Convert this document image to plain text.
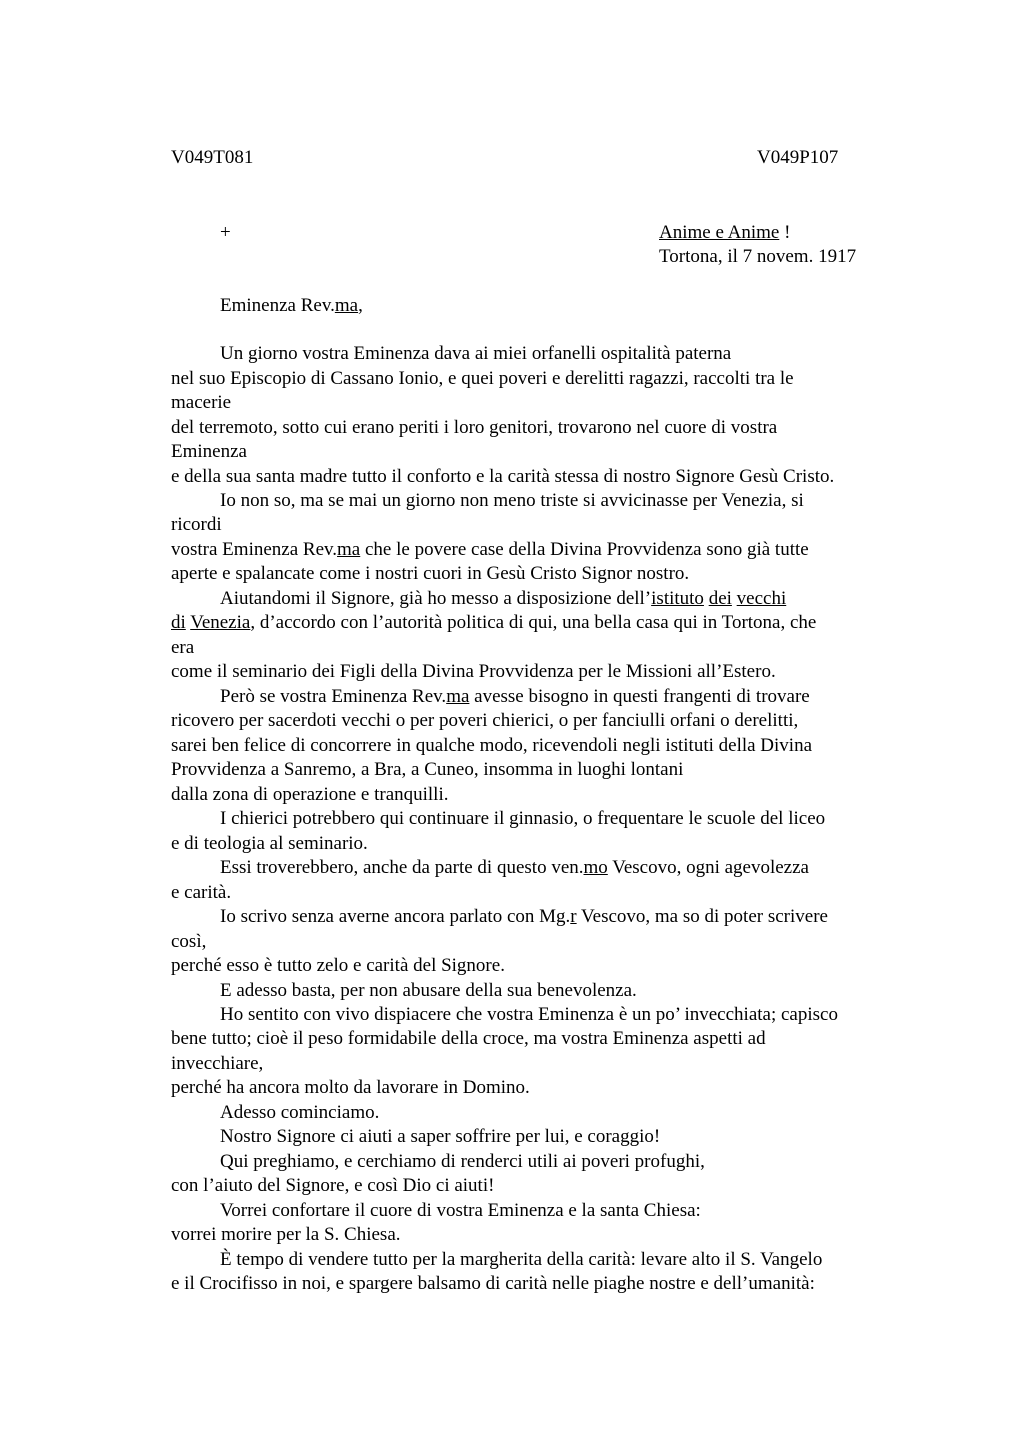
V049T081	V049P107
+	Anime e Anime !
Tortona, il 7 novem. 1917
Eminenza Rev.ma,
Un giorno vostra Eminenza dava ai miei orfanelli ospitalità paterna
nel suo Episcopio di Cassano Ionio, e quei poveri e derelitti ragazzi, raccolti tra le
macerie
del terremoto, sotto cui erano periti i loro genitori, trovarono nel cuore di vostra
Eminenza
e della sua santa madre tutto il conforto e la carità stessa di nostro Signore Gesù Cristo.
Io non so, ma se mai un giorno non meno triste si avvicinasse per Venezia, si
ricordi
vostra Eminenza Rev.ma che le povere case della Divina Provvidenza sono già tutte
aperte e spalancate come i nostri cuori in Gesù Cristo Signor nostro.
Aiutandomi il Signore, già ho messo a disposizione dell’istituto dei vecchi
di Venezia, d’accordo con l’autorità politica di qui, una bella casa qui in Tortona, che
era
come il seminario dei Figli della Divina Provvidenza per le Missioni all’Estero.
Però se vostra Eminenza Rev.ma avesse bisogno in questi frangenti di trovare
ricovero per sacerdoti vecchi o per poveri chierici, o per fanciulli orfani o derelitti,
sarei ben felice di concorrere in qualche modo, ricevendoli negli istituti della Divina
Provvidenza a Sanremo, a Bra, a Cuneo, insomma in luoghi lontani
dalla zona di operazione e tranquilli.
I chierici potrebbero qui continuare il ginnasio, o frequentare le scuole del liceo
e di teologia al seminario.
Essi troverebbero, anche da parte di questo ven.mo Vescovo, ogni agevolezza
e carità.
Io scrivo senza averne ancora parlato con Mg.r Vescovo, ma so di poter scrivere
così,
perché esso è tutto zelo e carità del Signore.
E adesso basta, per non abusare della sua benevolenza.
Ho sentito con vivo dispiacere che vostra Eminenza è un po’ invecchiata; capisco
bene tutto; cioè il peso formidabile della croce, ma vostra Eminenza aspetti ad
invecchiare,
perché ha ancora molto da lavorare in Domino.
Adesso cominciamo.
Nostro Signore ci aiuti a saper soffrire per lui, e coraggio!
Qui preghiamo, e cerchiamo di renderci utili ai poveri profughi,
con l’aiuto del Signore, e così Dio ci aiuti!
Vorrei confortare il cuore di vostra Eminenza e la santa Chiesa:
vorrei morire per la S. Chiesa.
È tempo di vendere tutto per la margherita della carità: levare alto il S. Vangelo
e il Crocifisso in noi, e spargere balsamo di carità nelle piaghe nostre e dell’umanità:
